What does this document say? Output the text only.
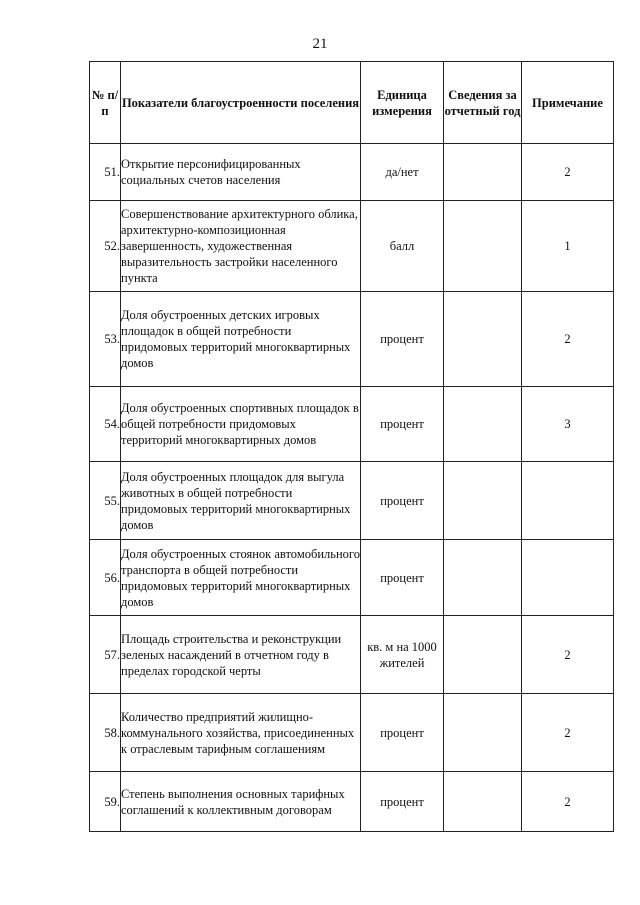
21
№ п/п	Показатели благоустроенности поселения	Единица измерения	Сведения за отчетный год	Примечание
51.	Открытие персонифицированных социальных счетов населения	да/нет		2
52.	Совершенствование архитектурного облика, архитектурно-композиционная завершенность, художественная выразительность застройки населенного пункта	балл		1
53.	Доля обустроенных детских игровых площадок в общей потребности придомовых территорий многоквартирных домов	процент		2
54.	Доля обустроенных спортивных площадок в общей потребности придомовых территорий многоквартирных домов	процент		3
55.	Доля обустроенных площадок для выгула животных в общей потребности придомовых территорий многоквартирных домов	процент		
56.	Доля обустроенных стоянок автомобильного транспорта в общей потребности придомовых территорий многоквартирных домов	процент		
57.	Площадь строительства и реконструкции зеленых насаждений в отчетном году в пределах городской черты	кв. м на 1000 жителей		2
58.	Количество предприятий жилищно-коммунального хозяйства, присоединенных к отраслевым тарифным соглашениям	процент		2
59.	Степень выполнения основных тарифных соглашений к коллективным договорам	процент		2
